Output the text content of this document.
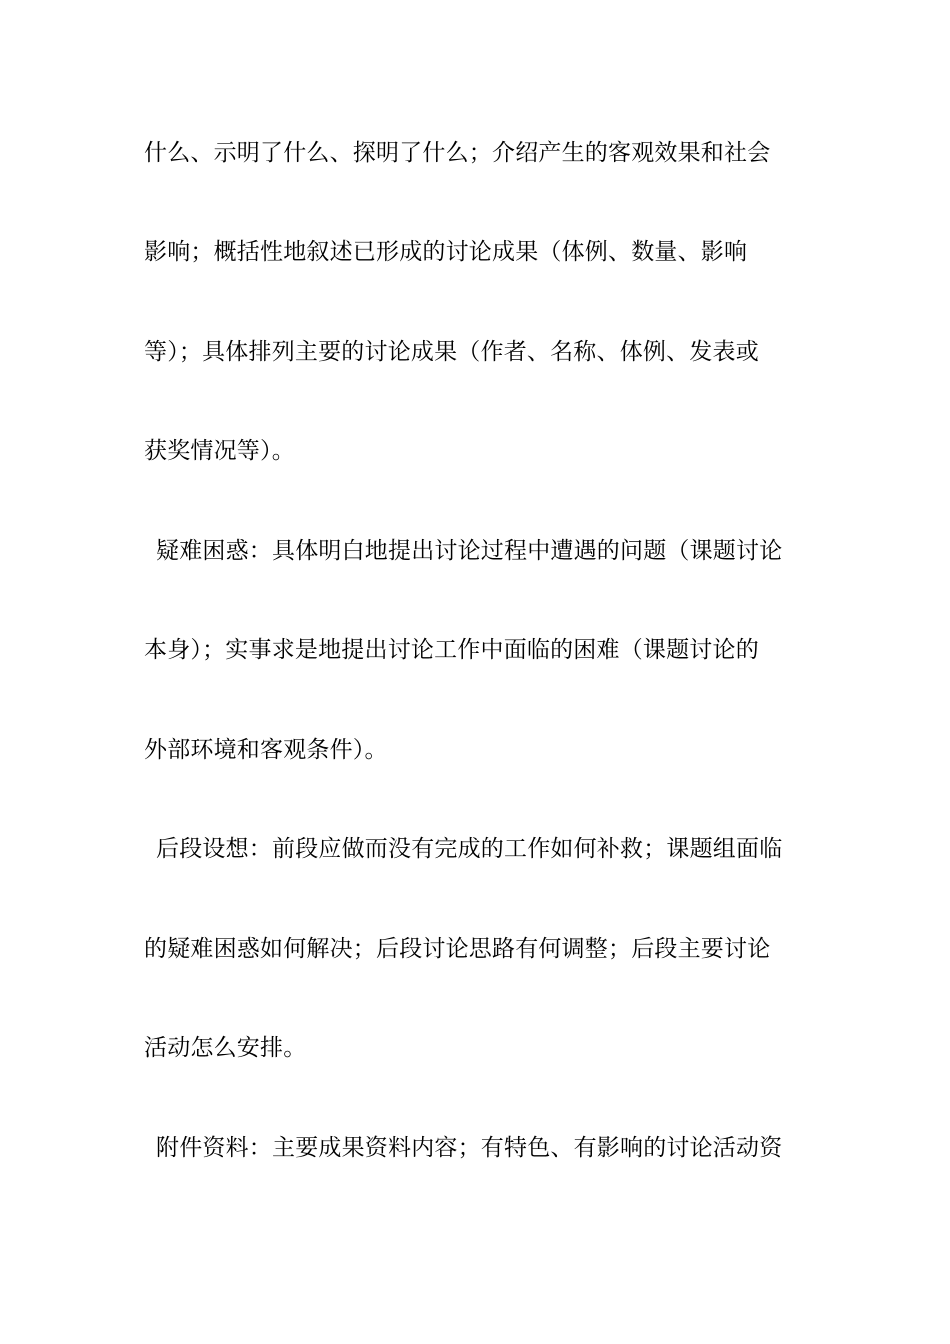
什么、示明了什么、探明了什么；介绍产生的客观效果和社会
影响；概括性地叙述已形成的讨论成果（体例、数量、影响
等）；具体排列主要的讨论成果（作者、名称、体例、发表或
获奖情况等）。
疑难困惑：具体明白地提出讨论过程中遭遇的问题（课题讨论
本身）；实事求是地提出讨论工作中面临的困难（课题讨论的
外部环境和客观条件）。
后段设想：前段应做而没有完成的工作如何补救；课题组面临
的疑难困惑如何解决；后段讨论思路有何调整；后段主要讨论
活动怎么安排。
附件资料：主要成果资料内容；有特色、有影响的讨论活动资
